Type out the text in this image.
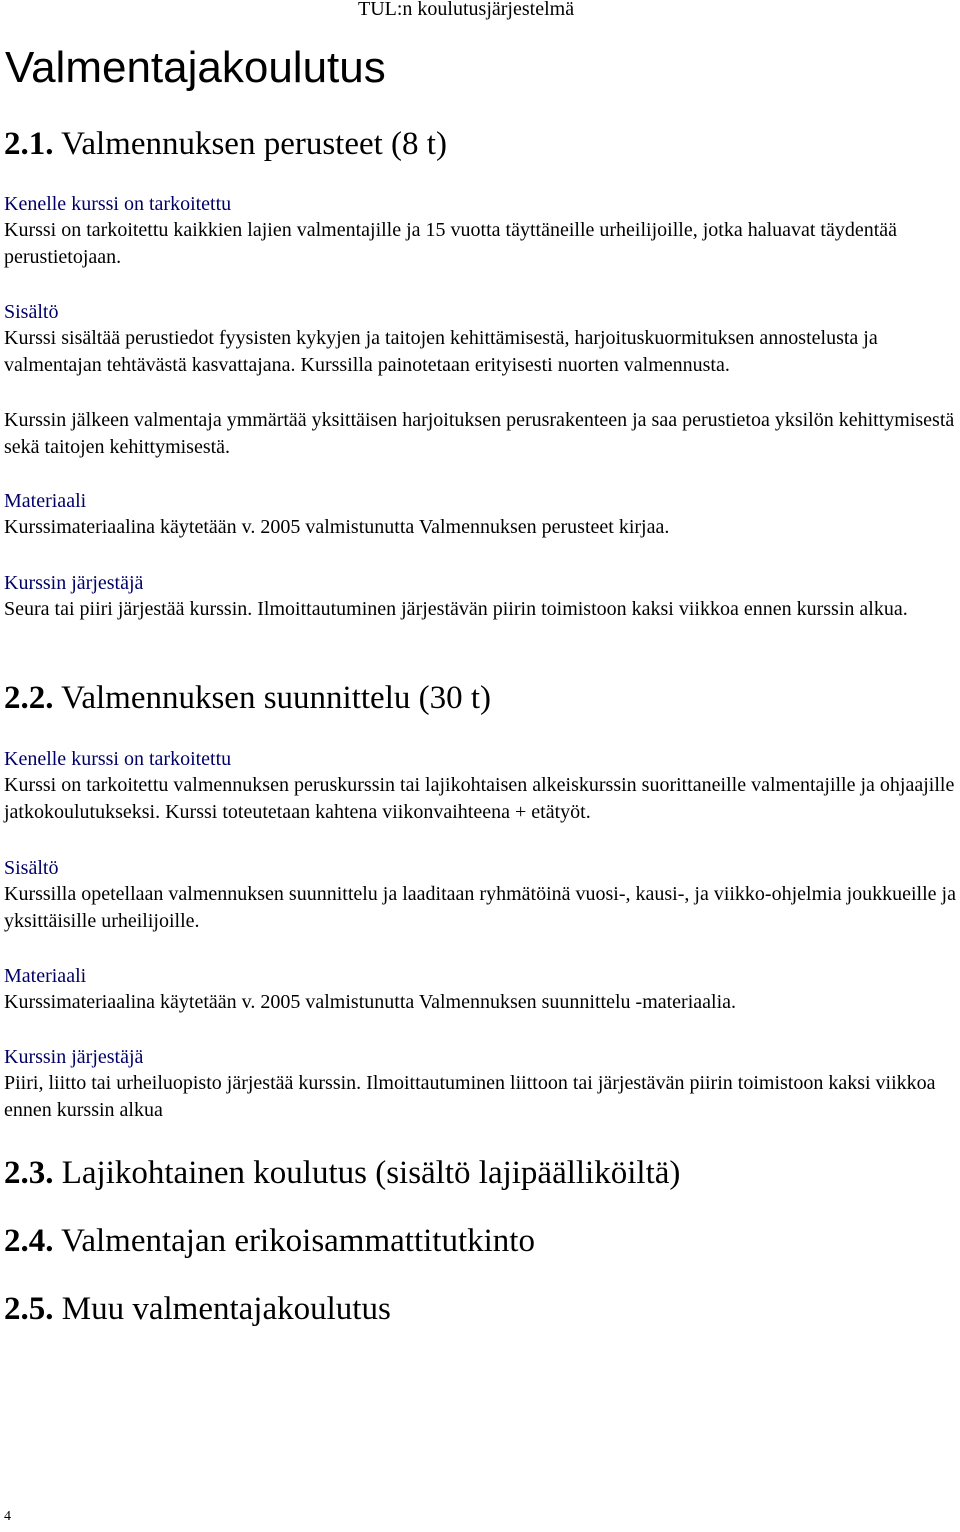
TUL:n koulutusjärjestelmä
Valmentajakoulutus
2.1. Valmennuksen perusteet (8 t)
Kenelle kurssi on tarkoitettu

Kurssi on tarkoitettu kaikkien lajien valmentajille ja 15 vuotta täyttäneille urheilijoille, jotka haluavat täydentää perustietojaan.

Sisältö

Kurssi sisältää perustiedot fyysisten kykyjen ja taitojen kehittämisestä, harjoituskuormituksen annostelusta ja valmentajan tehtävästä kasvattajana. Kurssilla painotetaan erityisesti nuorten valmennusta.

Kurssin jälkeen valmentaja ymmärtää yksittäisen harjoituksen perusrakenteen ja saa perustietoa yksilön kehittymisestä sekä taitojen kehittymisestä.

Materiaali

Kurssimateriaalina käytetään v. 2005 valmistunutta Valmennuksen perusteet kirjaa.

Kurssin järjestäjä

Seura tai piiri järjestää kurssin. Ilmoittautuminen järjestävän piirin toimistoon kaksi viikkoa ennen kurssin alkua.

2.2. Valmennuksen suunnittelu (30 t)
Kenelle kurssi on tarkoitettu

Kurssi on tarkoitettu valmennuksen peruskurssin tai lajikohtaisen alkeiskurssin suorittaneille valmentajille ja ohjaajille jatkokoulutukseksi. Kurssi toteutetaan kahtena viikonvaihteena + etätyöt.

Sisältö

Kurssilla opetellaan valmennuksen suunnittelu ja laaditaan ryhmätöinä vuosi-, kausi-, ja viikko-ohjelmia joukkueille ja yksittäisille urheilijoille.

Materiaali

Kurssimateriaalina käytetään v. 2005 valmistunutta Valmennuksen suunnittelu -materiaalia.

Kurssin järjestäjä

Piiri, liitto tai urheiluopisto järjestää kurssin. Ilmoittautuminen liittoon tai järjestävän piirin toimistoon kaksi viikkoa ennen kurssin alkua

2.3. Lajikohtainen koulutus (sisältö lajipäälliköiltä)
2.4. Valmentajan erikoisammattitutkinto
2.5. Muu valmentajakoulutus
4
